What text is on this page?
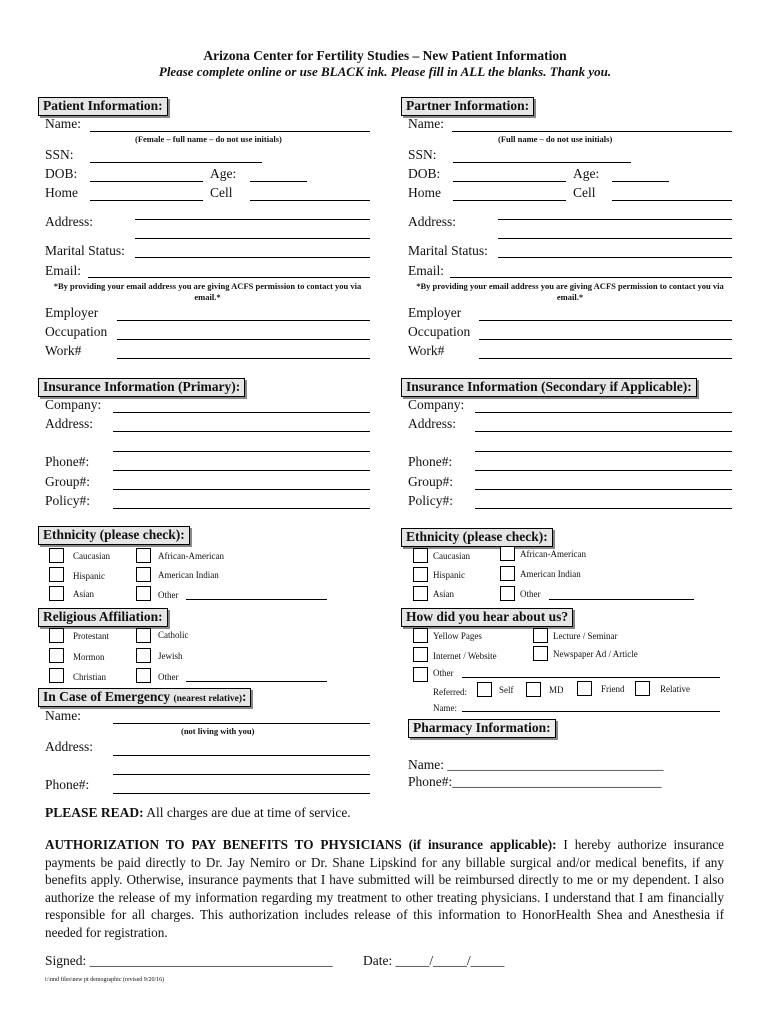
Arizona Center for Fertility Studies – New Patient Information
Please complete online or use BLACK ink. Please fill in ALL the blanks. Thank you.
Patient Information:
Name:
(Female – full name – do not use initials)
SSN:
DOB:	Age:
Home	Cell
Address:
Marital Status:
Email:
*By providing your email address you are giving ACFS permission to contact you via email.*
Employer
Occupation
Work#
Partner Information:
Name:
(Full name – do not use initials)
SSN:
DOB:	Age:
Home	Cell
Address:
Marital Status:
Email:
*By providing your email address you are giving ACFS permission to contact you via email.*
Employer
Occupation
Work#
Insurance Information (Primary):
Company:
Address:
Phone#:
Group#:
Policy#:
Insurance Information (Secondary if Applicable):
Company:
Address:
Phone#:
Group#:
Policy#:
Ethnicity (please check):
Caucasian	African-American
Hispanic	American Indian
Asian	Other
Ethnicity (please check):
Caucasian	African-American
Hispanic	American Indian
Asian	Other
Religious Affiliation:
Protestant	Catholic
Mormon	Jewish
Christian	Other
How did you hear about us?
Yellow Pages	Lecture / Seminar
Internet / Website	Newspaper Ad / Article
Other
Referred:	Self	MD	Friend	Relative
Name:
In Case of Emergency (nearest relative):
Name:
(not living with you)
Address:
Phone#:
Pharmacy Information:
Name: ________________________________
Phone#:_______________________________
PLEASE READ: All charges are due at time of service.
AUTHORIZATION TO PAY BENEFITS TO PHYSICIANS (if insurance applicable): I hereby authorize insurance payments be paid directly to Dr. Jay Nemiro or Dr. Shane Lipskind for any billable surgical and/or medical benefits, if any benefits apply. Otherwise, insurance payments that I have submitted will be reimbursed directly to me or my dependent. I also authorize the release of my information regarding my treatment to other treating physicians. I understand that I am financially responsible for all charges. This authorization includes release of this information to HonorHealth Shea and Anesthesia if needed for registration.
Signed: ____________________________________ Date: _____/_____/_____
i:\nnd files\new pt demographic (revised 9/20/16)
